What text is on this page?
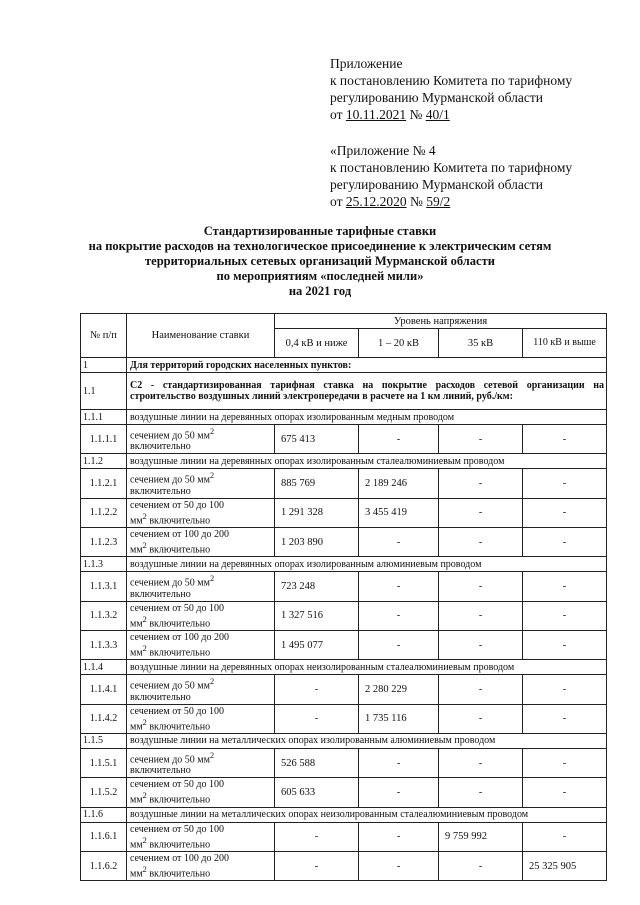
Приложение
к постановлению Комитета по тарифному
регулированию Мурманской области
от 10.11.2021 № 40/1
«Приложение № 4
к постановлению Комитета по тарифному
регулированию Мурманской области
от 25.12.2020 № 59/2
Стандартизированные тарифные ставки
на покрытие расходов на технологическое присоединение к электрическим сетям
территориальных сетевых организаций Мурманской области
по мероприятиям «последней мили»
на 2021 год
№ п/п	Наименование ставки	Уровень напряжения			
		0,4 кВ и ниже	1 – 20 кВ	35 кВ	110 кВ и выше
1	Для территорий городских населенных пунктов:				
1.1	С2 - стандартизированная тарифная ставка на покрытие расходов сетевой организации на строительство воздушных линий электропередачи в расчете на 1 км линий, руб./км:				
1.1.1	воздушные линии на деревянных опорах изолированным медным проводом				
1.1.1.1	сечением до 50 $мм^2$
включительно	675 413	-	-	-
1.1.2	воздушные линии на деревянных опорах изолированным сталеалюминиевым проводом				
1.1.2.1	сечением до 50 $мм^2$
включительно	885 769	2 189 246	-	-
1.1.2.2	сечением от 50 до 100
$мм^2$ включительно	1 291 328	3 455 419	-	-
1.1.2.3	сечением от 100 до 200
$мм^2$ включительно	1 203 890	-	-	-
1.1.3	воздушные линии на деревянных опорах изолированным алюминиевым проводом				
1.1.3.1	сечением до 50 $мм^2$
включительно	723 248	-	-	-
1.1.3.2	сечением от 50 до 100
$мм^2$ включительно	1 327 516	-	-	-
1.1.3.3	сечением от 100 до 200
$мм^2$ включительно	1 495 077	-	-	-
1.1.4	воздушные линии на деревянных опорах неизолированным сталеалюминиевым проводом				
1.1.4.1	сечением до 50 $мм^2$
включительно	-	2 280 229	-	-
1.1.4.2	сечением от 50 до 100
$мм^2$ включительно	-	1 735 116	-	-
1.1.5	воздушные линии на металлических опорах изолированным алюминиевым проводом				
1.1.5.1	сечением до 50 $мм^2$
включительно	526 588	-	-	-
1.1.5.2	сечением от 50 до 100
$мм^2$ включительно	605 633	-	-	-
1.1.6	воздушные линии на металлических опорах неизолированным сталеалюминиевым проводом				
1.1.6.1	сечением от 50 до 100
$мм^2$ включительно	-	-	9 759 992	-
1.1.6.2	сечением от 100 до 200
$мм^2$ включительно	-	-	-	25 325 905
